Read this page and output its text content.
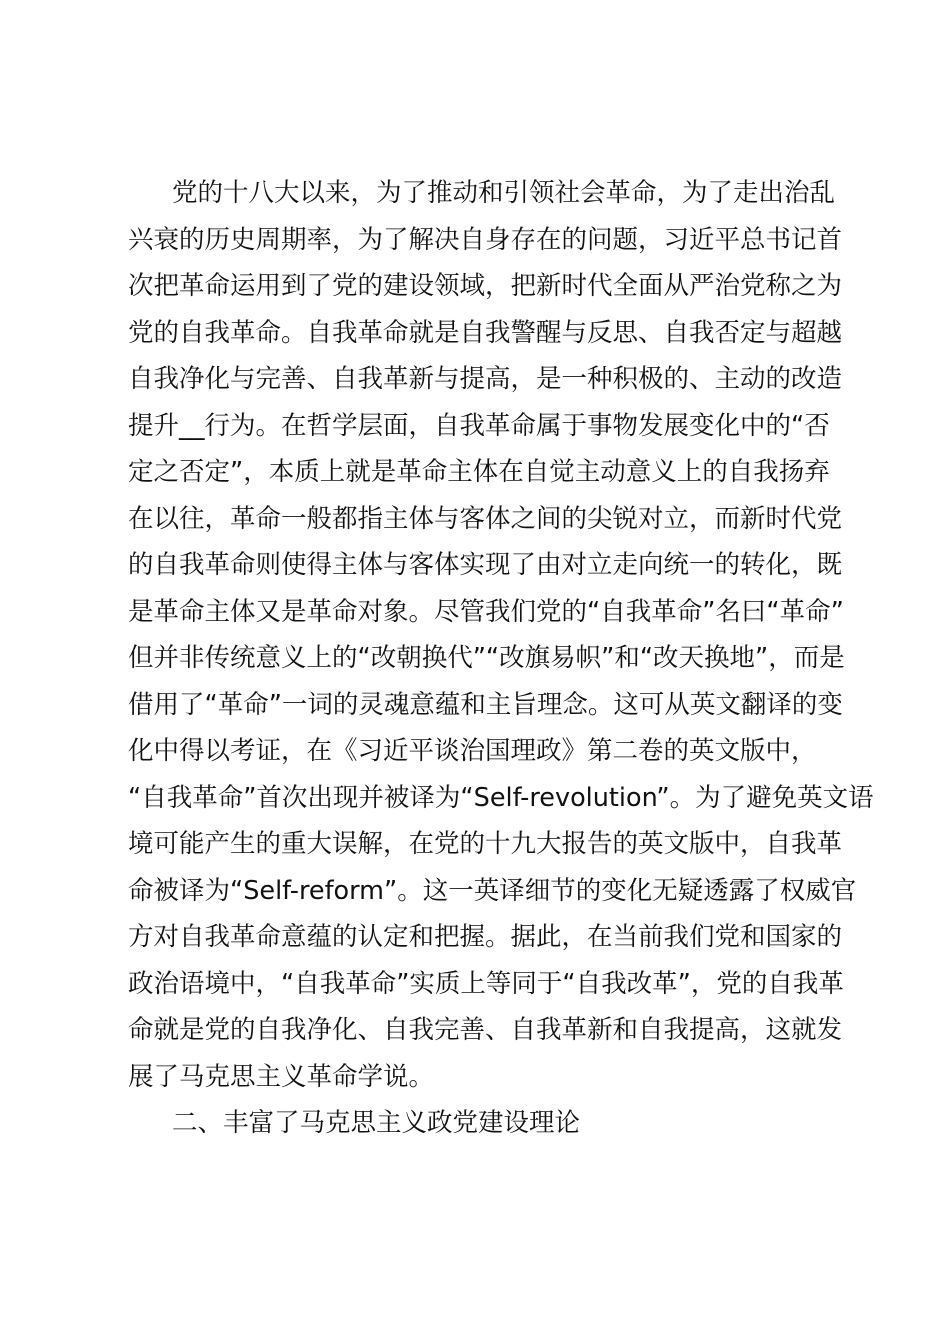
党的十八大以来，为了推动和引领社会革命，为了走出治乱
兴衰的历史周期率，为了解决自身存在的问题，习近平总书记首
次把革命运用到了党的建设领域，把新时代全面从严治党称之为
党的自我革命。自我革命就是自我警醒与反思、自我否定与超越
自我净化与完善、自我革新与提高，是一种积极的、主动的改造
提升__行为。在哲学层面，自我革命属于事物发展变化中的“否
定之否定”，本质上就是革命主体在自觉主动意义上的自我扬弃
在以往，革命一般都指主体与客体之间的尖锐对立，而新时代党
的自我革命则使得主体与客体实现了由对立走向统一的转化，既
是革命主体又是革命对象。尽管我们党的“自我革命”名曰“革命”
但并非传统意义上的“改朝换代”“改旗易帜”和“改天换地”，而是
借用了“革命”一词的灵魂意蕴和主旨理念。这可从英文翻译的变
化中得以考证，在《习近平谈治国理政》第二卷的英文版中，
“自我革命”首次出现并被译为“Self-revolution”。为了避免英文语
境可能产生的重大误解，在党的十九大报告的英文版中，自我革
命被译为“Self-reform”。这一英译细节的变化无疑透露了权威官
方对自我革命意蕴的认定和把握。据此，在当前我们党和国家的
政治语境中，“自我革命”实质上等同于“自我改革”，党的自我革
命就是党的自我净化、自我完善、自我革新和自我提高，这就发
展了马克思主义革命学说。
二、丰富了马克思主义政党建设理论
